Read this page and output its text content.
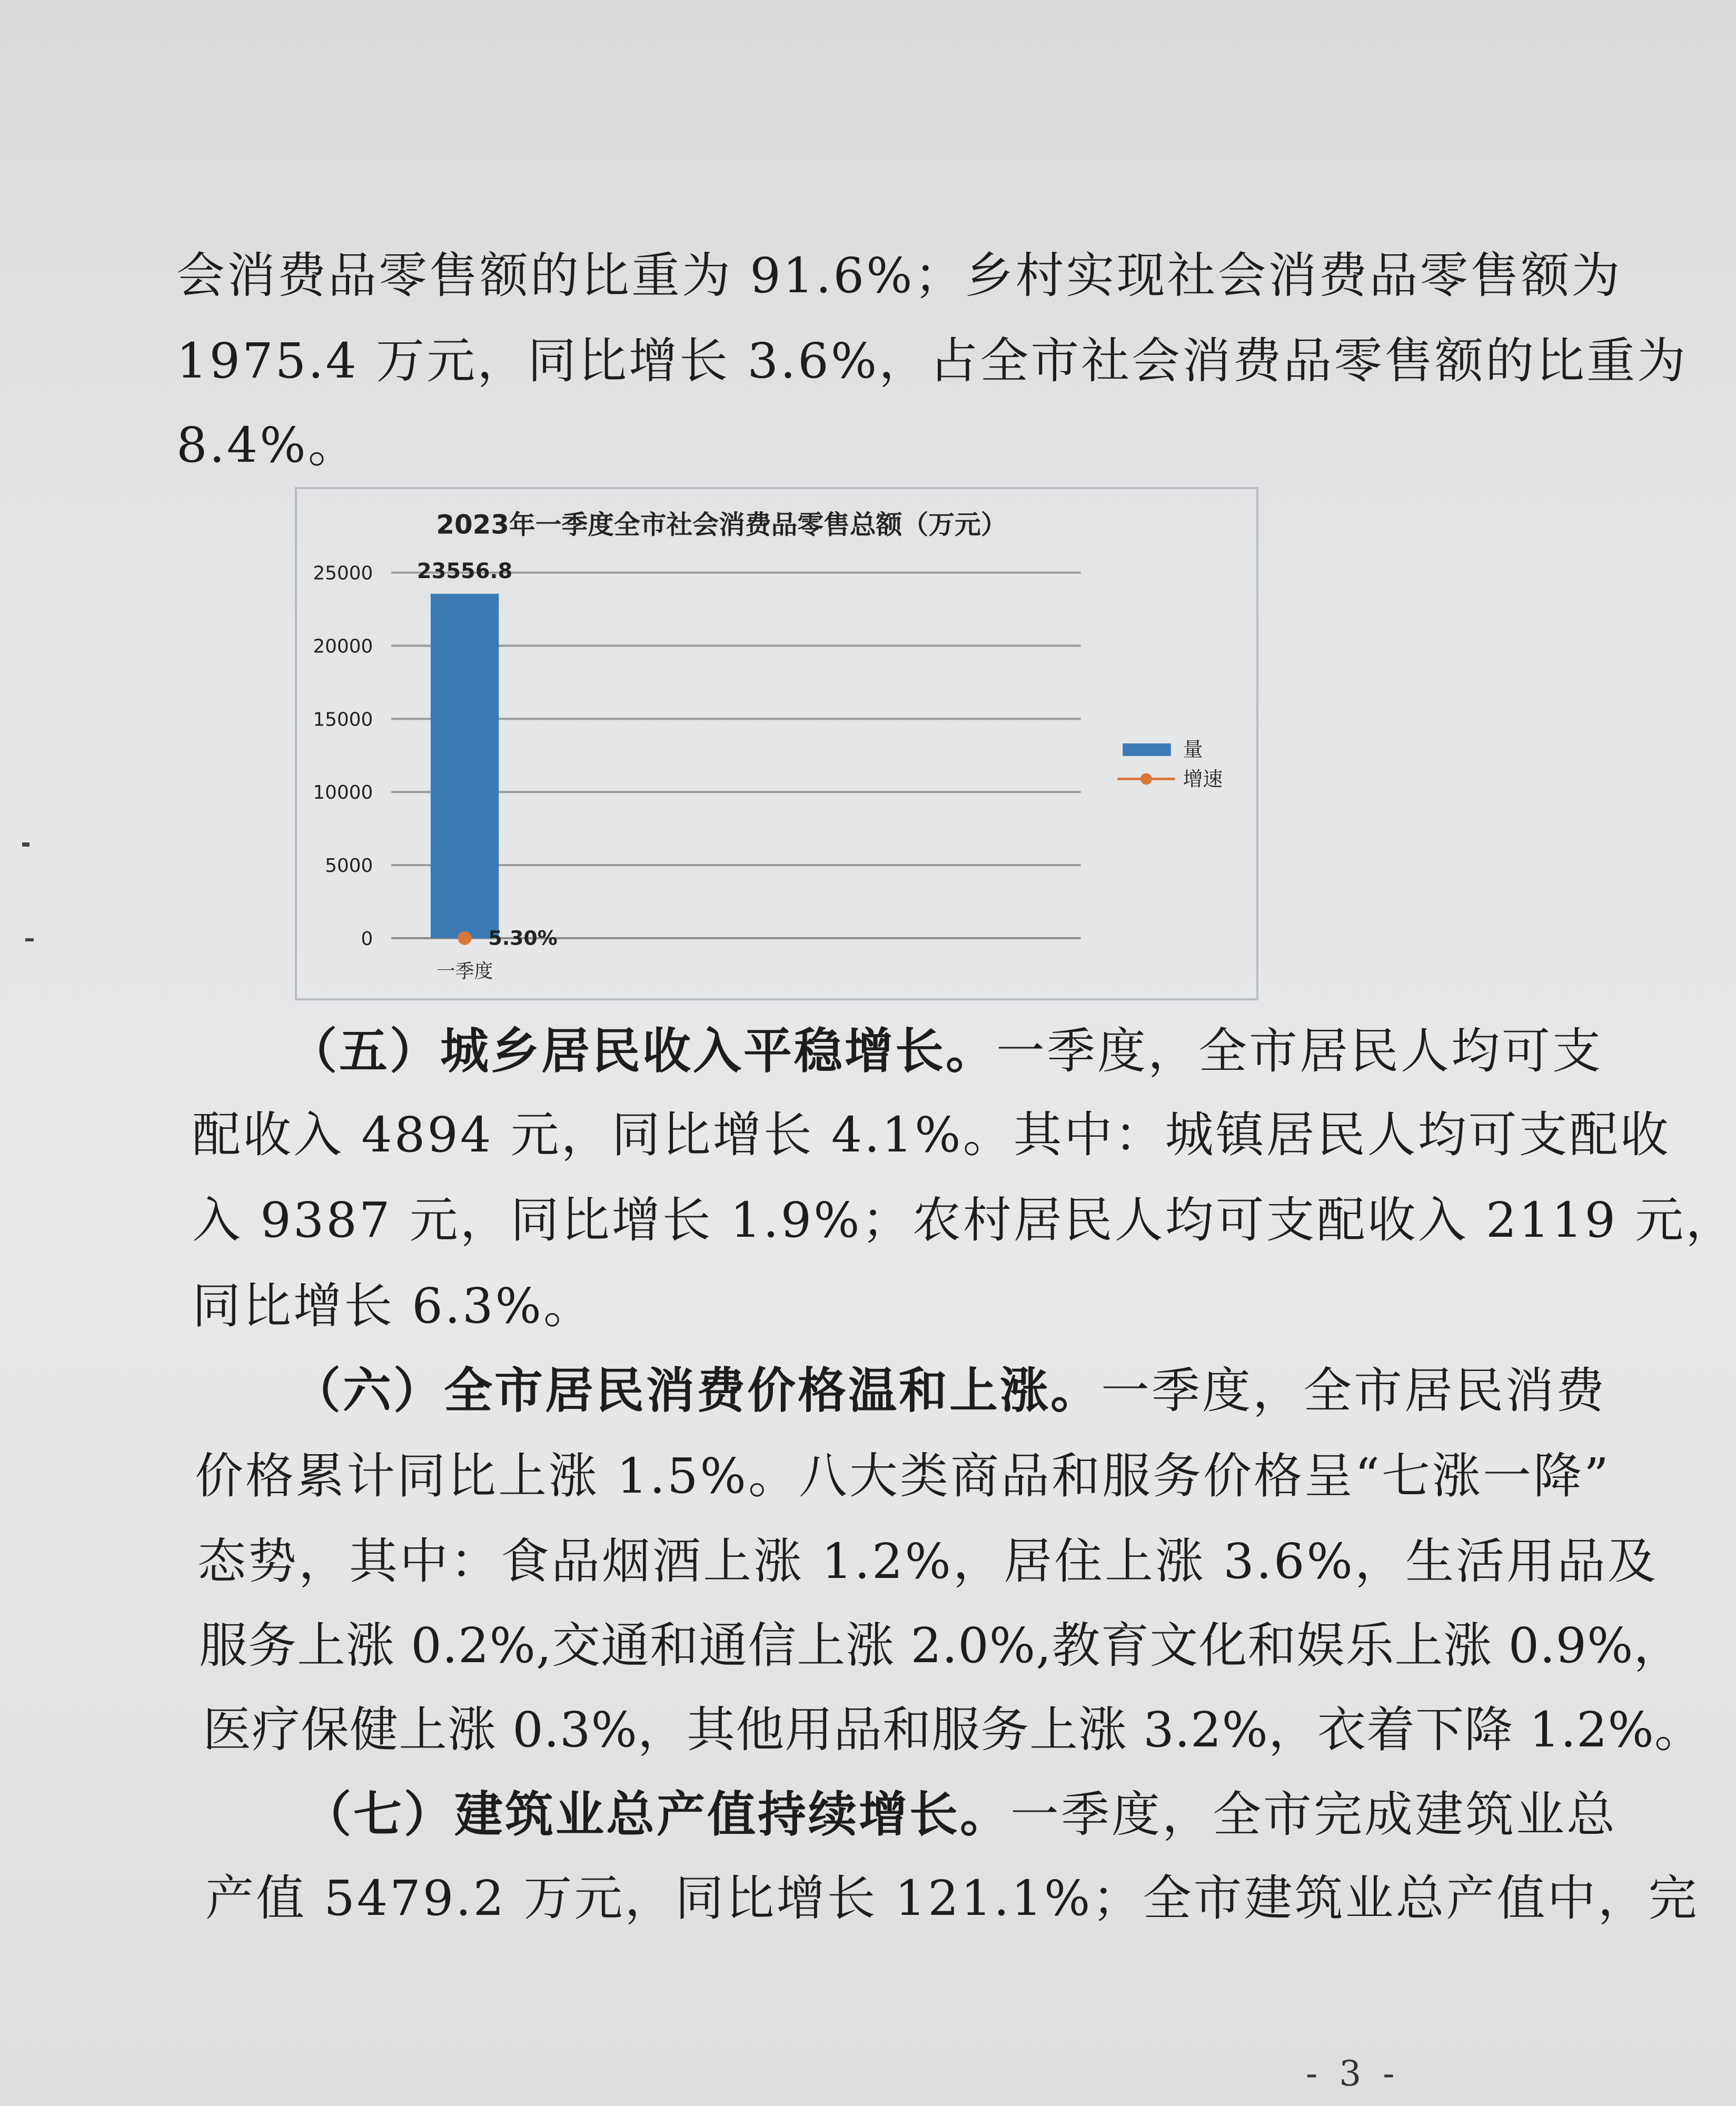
会消费品零售额的比重为 91.6%；乡村实现社会消费品零售额为

1975.4 万元，同比增长 3.6%，占全市社会消费品零售额的比重为

8.4%。

2023年一季度全市社会消费品零售总额（万元）
0
5000
10000
15000
20000
25000 23556.8
5.30%
一季度
量
增速

（五）城乡居民收入平稳增长。一季度，全市居民人均可支

配收入 4894 元，同比增长 4.1%。其中：城镇居民人均可支配收

入 9387 元，同比增长 1.9%；农村居民人均可支配收入 2119 元，

同比增长 6.3%。

（六）全市居民消费价格温和上涨。一季度，全市居民消费

价格累计同比上涨 1.5%。八大类商品和服务价格呈“七涨一降”

态势，其中：食品烟酒上涨 1.2%，居住上涨 3.6%，生活用品及

服务上涨 0.2%,交通和通信上涨 2.0%,教育文化和娱乐上涨 0.9%，

医疗保健上涨 0.3%，其他用品和服务上涨 3.2%，衣着下降 1.2%。

（七）建筑业总产值持续增长。一季度，全市完成建筑业总

产值 5479.2 万元，同比增长 121.1%；全市建筑业总产值中，完

- 3 -
